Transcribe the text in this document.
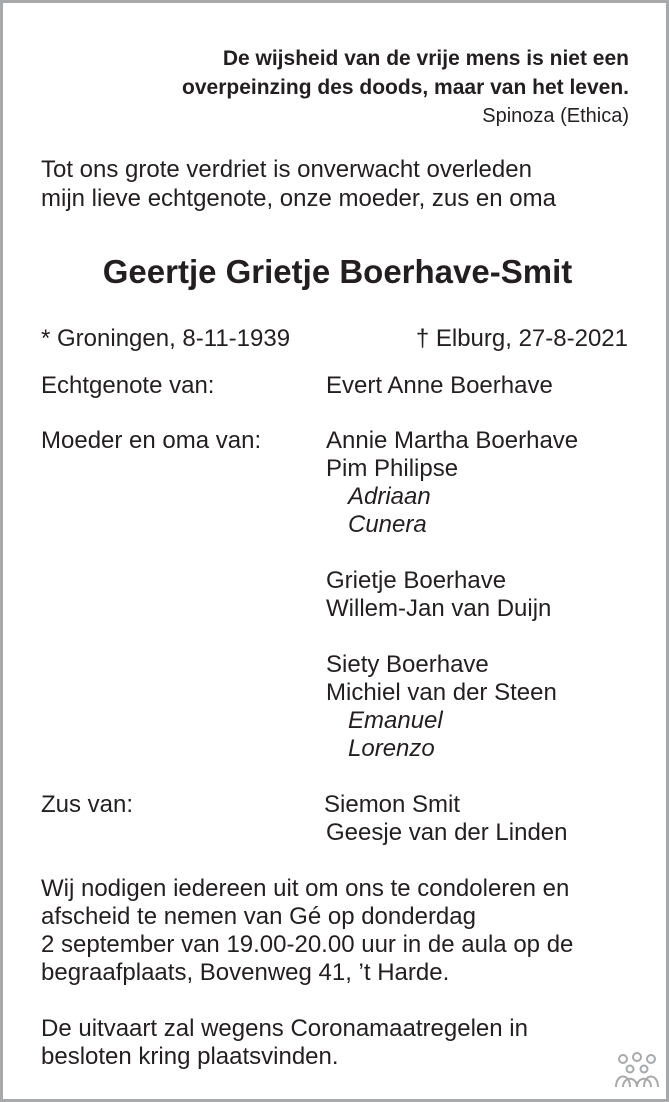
De wijsheid van de vrije mens is niet een

overpeinzing des doods, maar van het leven.

Spinoza (Ethica)

Tot ons grote verdriet is onverwacht overleden

mijn lieve echtgenote, onze moeder, zus en oma

Geertje Grietje Boerhave-Smit

* Groningen, 8-11-1939	† Elburg, 27-8-2021

Echtgenote van:	Evert Anne Boerhave

Moeder en oma van:	Annie Martha Boerhave

Pim Philipse

Adriaan

Cunera

Grietje Boerhave

Willem-Jan van Duijn

Siety Boerhave

Michiel van der Steen

Emanuel

Lorenzo

Zus van:	Siemon Smit

Geesje van der Linden

Wij nodigen iedereen uit om ons te condoleren en

afscheid te nemen van Gé op donderdag

2 september van 19.00-20.00 uur in de aula op de

begraafplaats, Bovenweg 41, ’t Harde.

De uitvaart zal wegens Coronamaatregelen in

besloten kring plaatsvinden.
